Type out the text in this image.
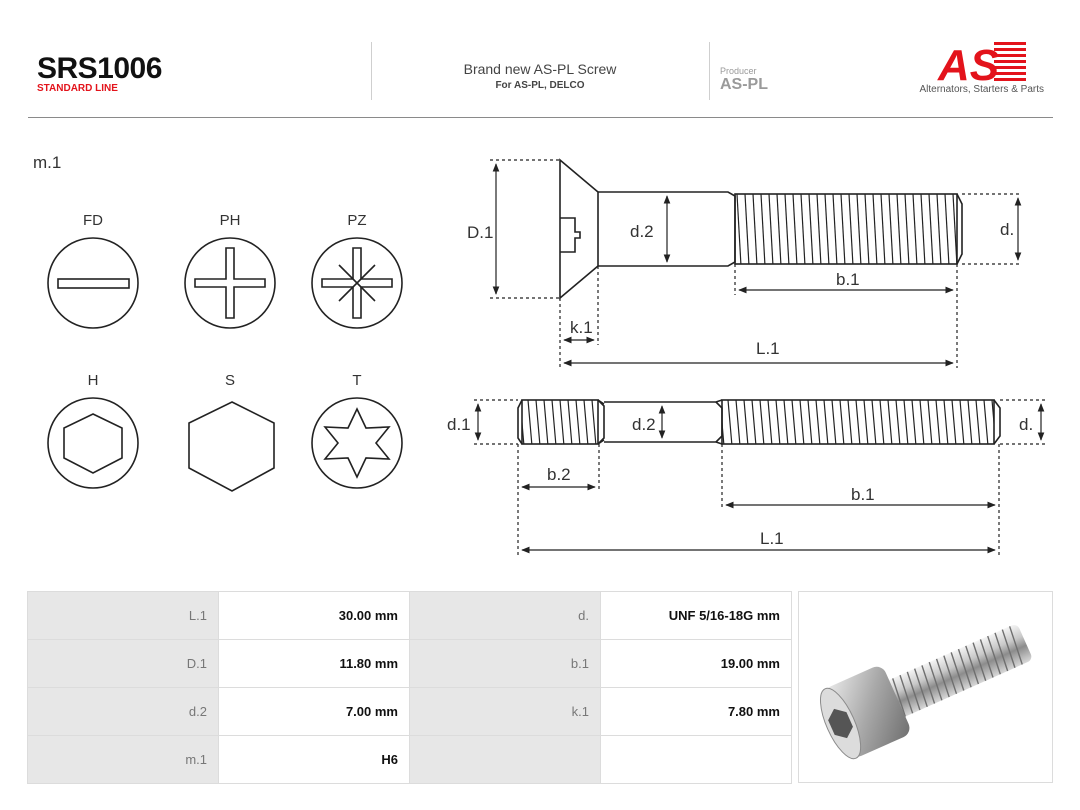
SRS1006
STANDARD LINE
Brand new AS-PL Screw
For AS-PL, DELCO
Producer
AS-PL	AS
Alternators, Starters & Parts
m.1
FD	PH	PZ
H	S	T
D.1	d.2	d.
b.1
k.1
L.1
d.1	d.2	d.
b.2
b.1
L.1
L.1	30.00 mm	d.	UNF 5/16-18G mm
D.1	11.80 mm	b.1	19.00 mm
d.2	7.00 mm	k.1	7.80 mm
m.1	H6		
